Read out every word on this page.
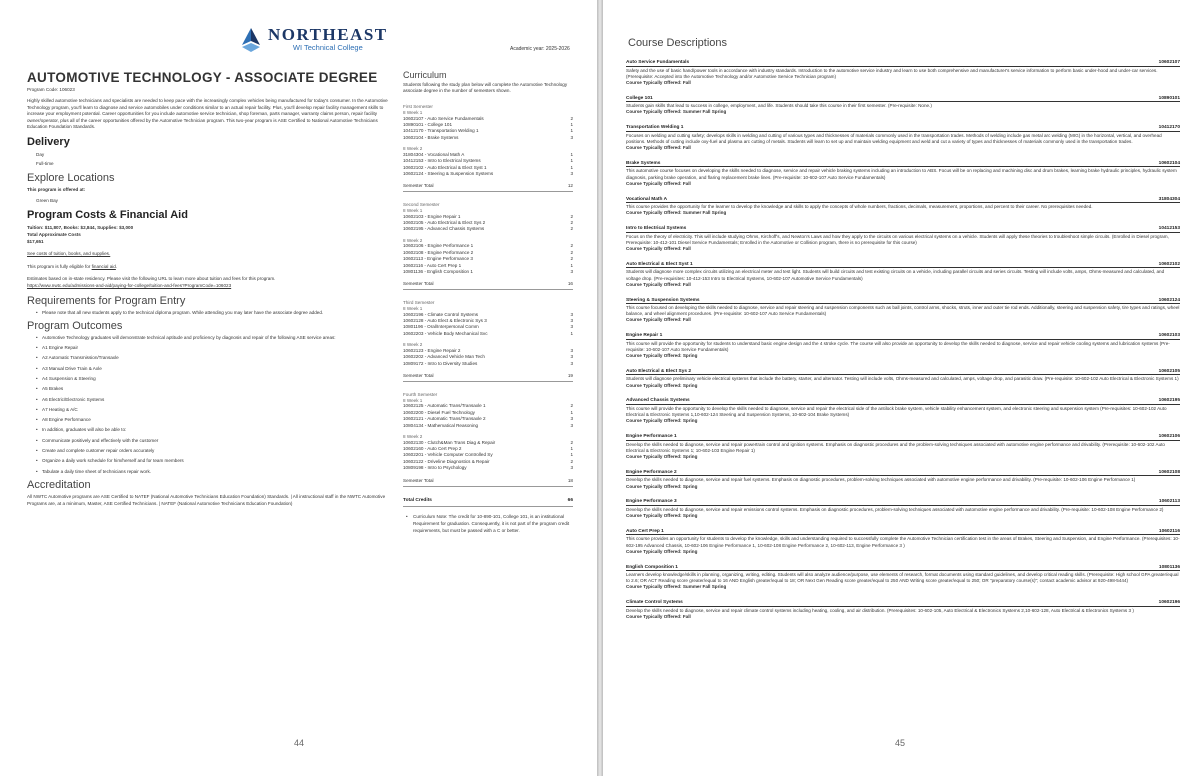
NORTHEAST
WI Technical College	Academic year: 2025-2026
AUTOMOTIVE TECHNOLOGY - ASSOCIATE DEGREE
Program Code: 106023

Highly skilled automotive technicians and specialists are needed to keep pace with the increasingly complex vehicles being manufactured for today's consumer. In the Automotive Technology program, you'll learn to diagnose and service automobiles under conditions similar to an actual repair facility. Plus, you'll develop repair facility management skills to increase your employment potential. Career opportunities for you include automotive service technician, shop foreman, parts manager, warranty claims person, repair facility owner/operator, plus all of the career opportunities offered by the Automotive Technician program. This two-year program is ASE Certified to National Automotive Technicians Education Foundation Standards.

Delivery
Day
Full-time
Explore Locations
This program is offered at:
Green Bay
Program Costs & Financial Aid
Tuition: $11,807, Books: $2,844, Supplies: $3,000
Total Approximate Costs
$17,651
See costs of tuition, books, and supplies.
This program is fully eligible for financial aid.
Estimates based on in-state residency. Please visit the following URL to learn more about tuition and fees for this program.
https://www.nwtc.edu/admissions-and-aid/paying-for-college/tuition-and-fees?ProgramCode=106023
Requirements for Program Entry
• Please note that all new students apply to the technical diploma program. While attending you may later have the associate degree added.
Program Outcomes
• Automotive Technology graduates will demonstrate technical aptitude and proficiency by diagnosis and repair of the following ASE service areas:
• A1 Engine Repair
• A2 Automatic Transmission/Transaxle
• A3 Manual Drive Train & Axle
• A4 Suspension & Steering
• A5 Brakes
• A6 Electric/Electronic Systems
• A7 Heating & A/C
• A8 Engine Performance
• In addition, graduates will also be able to:
• Communicate positively and effectively with the customer
• Create and complete customer repair orders accurately
• Organize a daily work schedule for him/herself and for team members
• Tabulate a daily time sheet of technicians repair work.
Accreditation

All NWTC Automotive programs are ASE Certified to NATEF (National Automotive Technicians Education Foundation) Standards. | All instructional staff in the NWTC Automotive Programs are, at a minimum, Master, ASE Certified Technicians. | NATEF (National Automotive Technicians Education Foundation)

Curriculum
Students following the study plan below will complete the Automotive Technology associate degree in the number of semesters shown.
First Semester
8 Week 1
10602107 - Auto Service Fundamentals	2
10890101 - College 101	1
10412170 - Transportation Welding 1	1
10602104 - Brake Systems	3
8 Week 2
31804304 - Vocational Math A	1
10412153 - Intro to Electrical Systems	1
10602102 - Auto Electrical & Elect Syst 1	1
10602124 - Steering & Suspension Systems	3
Semester Total	12
Second Semester
8 Week 1
10602103 - Engine Repair 1	2
10602105 - Auto Electrical & Elect Sys 2	2
10602195 - Advanced Chassis Systems	2
8 Week 2
10602106 - Engine Performance 1	2
10602108 - Engine Performance 2	2
10602113 - Engine Performance 3	2
10602116 - Auto Cert Prep 1	1
10801136 - English Composition 1	3
Semester Total	16
Third Semester
8 Week 1
10602196 - Climate Control Systems	3
10602128 - Auto Elect & Electronic Sys 3	3
10801196 - Oral/Interpersonal Comm	3
10602203 - Vehicle Body Mechanical Svc	1
8 Week 2
10602123 - Engine Repair 2	3
10602202 - Advanced Vehicle Man Tech	3
10809172 - Intro to Diversity Studies	3
Semester Total	19
Fourth Semester
8 Week 1
10602125 - Automatic Trans/Transaxle 1	2
10602200 - Diesel Fuel Technology	1
10602121 - Automatic Trans/Transaxle 2	3
10804134 - Mathematical Reasoning	3
8 Week 2
10602130 - Clutch&Man Trans Diag & Repair	2
10602160 - Auto Cert Prep 2	1
10602201 - Vehicle Computer Controlled Sy	1
10602122 - Driveline Diagnostics & Repair	2
10809198 - Intro to Psychology	3
Semester Total	18
Total Credits	66
• Curriculum Note: The credit for 10-890-101, College 101, is an institutional Requirement for graduation. Consequently, it is not part of the program credit requirements, but must be passed with a C or better.
44
Course Descriptions
Auto Service Fundamentals	10602107
Safety and the use of basic hand/power tools in accordance with industry standards. Introduction to the automotive service industry and learn to use both comprehensive and manufacturer's service information to perform basic under-hood and under-car services. (Prerequisite: Accepted into the Automotive Technology and/or Automotive Service Technician program)
Course Typically Offered: Fall
College 101	10890101
Students gain skills that lead to success in college, employment, and life. Students should take this course in their first semester. (Pre-requisite: None.)
Course Typically Offered: Summer Fall Spring
Transportation Welding 1	10412170
Focuses on welding and cutting safety; develops skills in welding and cutting of various types and thicknesses of materials commonly used in the transportation trades. Methods of welding include gas metal arc welding (MIG) in the horizontal, vertical, and overhead positions. Methods of cutting include oxy-fuel and plasma arc cutting of metals. Students will learn to set up and maintain welding equipment and weld and cut a variety of types and thicknesses of materials commonly used in the transportation trades.
Course Typically Offered: Fall
Brake Systems	10602104
This automotive course focuses on developing the skills needed to diagnose, service and repair vehicle braking systems including an introduction to ABS. Focus will be on replacing and machining disc and drum brakes, learning brake hydraulic principles, hydraulic system diagnosis, parking brake operation, and flaring replacement brake lines. (Pre-requisite: 10-602-107 Auto Service Fundamentals)
Course Typically Offered: Fall
Vocational Math A	31804304
This course provides the opportunity for the learner to develop the knowledge and skills to apply the concepts of whole numbers, fractions, decimals, measurement, proportions, and percent to their career. No prerequisites needed.
Course Typically Offered: Summer Fall Spring
Intro to Electrical Systems	10412153
Focus on the theory of electricity. This will include studying Ohms, Kirchoff's, and Newton's Laws and how they apply to the circuits on various electrical systems on a vehicle. Students will apply these theories to troubleshoot simple circuits. (Enrolled in Diesel program, Prerequisite: 10-412-101 Diesel Service Fundamentals; Enrolled in the Automotive or Collision program, there is no prerequisite for this course)
Course Typically Offered: Fall
Auto Electrical & Elect Syst 1	10602102
Students will diagnose more complex circuits utilizing an electrical meter and test light. Students will build circuits and test existing circuits on a vehicle, including parallel circuits and series circuits. Testing will include volts, amps, Ohms-measured and calculated, and voltage drop. (Pre-requisites: 10-412-153 Intro to Electrical Systems, 10-602-107 Automotive Service Fundamentals)
Course Typically Offered: Fall
Steering & Suspension Systems	10602124
This course focused on developing the skills needed to diagnose, service and repair steering and suspension components such as ball joints, control arms, shocks, struts, inner and outer tie rod ends. Additionally, steering and suspension safety, tire types and ratings, wheel balance, and wheel alignment procedures. (Pre-requisite: 10-602-107 Auto Service Fundamentals)
Course Typically Offered: Fall
Engine Repair 1	10602103
This course will provide the opportunity for students to understand basic engine design and the 4 stroke cycle. The course will also provide an opportunity to develop the skills needed to diagnose, service and repair vehicle cooling systems and lubrication systems (Pre-requisite: 10-602-107 Auto Service Fundamentals)
Course Typically Offered: Spring
Auto Electrical & Elect Sys 2	10602105
Students will diagnose preliminary vehicle electrical systems that include the battery, starter, and alternator. Testing will include volts, Ohms-measured and calculated, amps, voltage drop, and parasitic draw. (Pre-requisite: 10-602-102 Auto Electrical & Electronic Systems 1)
Course Typically Offered: Spring
Advanced Chassis Systems	10602195
This course will provide the opportunity to develop the skills needed to diagnose, service and repair the electrical side of the antilock brake system, vehicle stability enhancement system, and electronic steering and suspension system (Pre-requisites: 10-602-102 Auto Electrical & Electronic Systems 1,10-602-124 Steering and Suspension Systems, 10-602-104 Brake Systems)
Course Typically Offered: Spring
Engine Performance 1	10602106
Develop the skills needed to diagnose, service and repair powertrain control and ignition systems. Emphasis on diagnostic procedures and the problem-solving techniques associated with automotive engine performance and drivability. (Prerequisite: 10-602-102 Auto Electrical & Electronic Systems 1; 10-602-103 Engine Repair 1)
Course Typically Offered: Spring
Engine Performance 2	10602108
Develop the skills needed to diagnose, service and repair fuel systems. Emphasis on diagnostic procedures, problem-solving techniques associated with automotive engine performance and drivability. (Pre-requisite: 10-602-106 Engine Performance 1)
Course Typically Offered: Spring
Engine Performance 3	10602113
Develop the skills needed to diagnose, service and repair emissions control systems. Emphasis on diagnostic procedures, problem-solving techniques associated with automotive engine performance and drivability. (Pre-requisite: 10-602-108 Engine Performance 2)
Course Typically Offered: Spring
Auto Cert Prep 1	10602116
This course provides an opportunity for students to develop the knowledge, skills and understanding required to successfully complete the Automotive Technician certification test in the areas of Brakes, Steering and Suspension, and Engine Performance. (Prerequisites: 10-602-195 Advanced Chassis, 10-602-106 Engine Performance 1, 10-602-108 Engine Performance 2, 10-602-113, Engine Performance 3 )
Course Typically Offered: Spring
English Composition 1	10801136
Learners develop knowledge/skills in planning, organizing, writing, editing. Students will also analyze audience/purpose, use elements of research, format documents using standard guidelines, and develop critical reading skills. (Prerequisite: High school GPA greater/equal to 2.6; OR ACT Reading score greater/equal to 16 AND English greater/equal to 18; OR Next Gen Reading score greater/equal to 250 AND Writing score greater/equal to 250; OR "preparatory course(s)"; contact academic advisor at 920-498-5444)
Course Typically Offered: Summer Fall Spring
Climate Control Systems	10602196
Develop the skills needed to diagnose, service and repair climate control systems including heating, cooling, and air distribution. (Prerequisites: 10-602-105, Auto Electrical & Electronics Systems 2,10-602-128, Auto Electrical & Electronics Systems 3 )
Course Typically Offered: Fall
45
